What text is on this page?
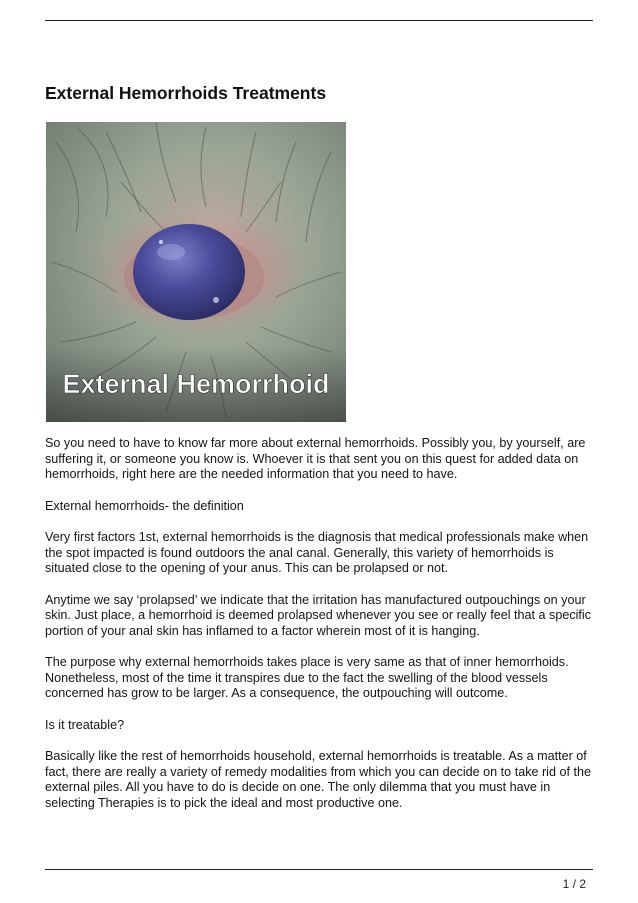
External Hemorrhoids Treatments
External Hemorrhoid

So you need to have to know far more about external hemorrhoids. Possibly you, by yourself, are suffering it, or someone you know is. Whoever it is that sent you on this quest for added data on hemorrhoids, right here are the needed information that you need to have.

External hemorrhoids- the definition

Very first factors 1st, external hemorrhoids is the diagnosis that medical professionals make when the spot impacted is found outdoors the anal canal. Generally, this variety of hemorrhoids is situated close to the opening of your anus. This can be prolapsed or not.

Anytime we say ‘prolapsed’ we indicate that the irritation has manufactured outpouchings on your skin. Just place, a hemorrhoid is deemed prolapsed whenever you see or really feel that a specific portion of your anal skin has inflamed to a factor wherein most of it is hanging.

The purpose why external hemorrhoids takes place is very same as that of inner hemorrhoids. Nonetheless, most of the time it transpires due to the fact the swelling of the blood vessels concerned has grow to be larger. As a consequence, the outpouching will outcome.

Is it treatable?

Basically like the rest of hemorrhoids household, external hemorrhoids is treatable. As a matter of fact, there are really a variety of remedy modalities from which you can decide on to take rid of the external piles. All you have to do is decide on one. The only dilemma that you must have in selecting Therapies is to pick the ideal and most productive one.

1 / 2
